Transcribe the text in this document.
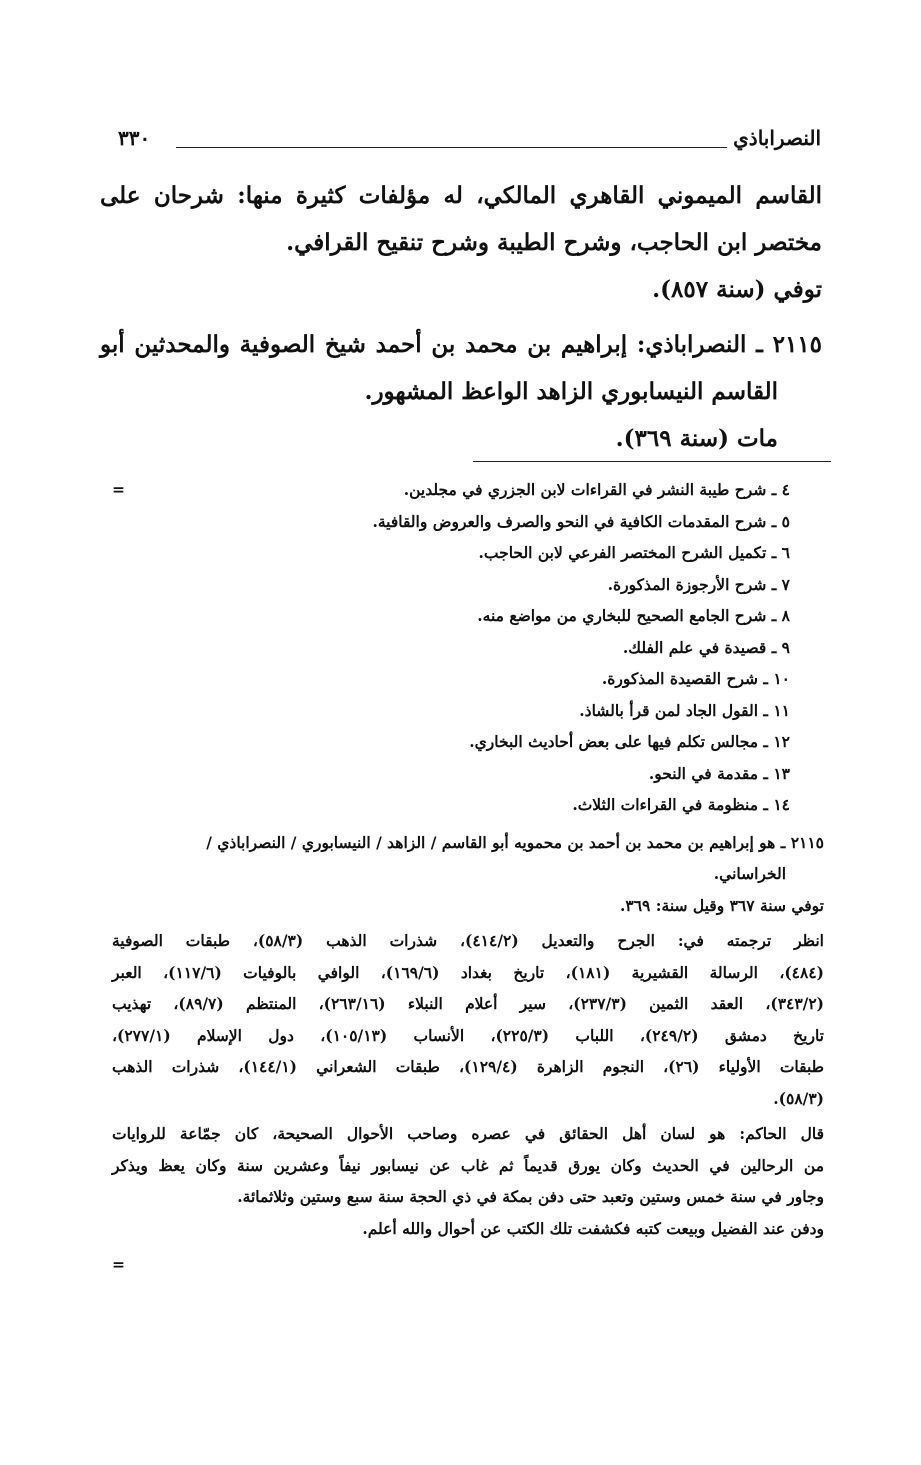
النصراباذي
٣٣٠

القاسم الميموني القاهري المالكي، له مؤلفات كثيرة منها: شرحان على

مختصر ابن الحاجب، وشرح الطيبة وشرح تنقيح القرافي.

توفي (سنة ٨٥٧).

٢١١٥ ـ النصراباذي: إبراهيم بن محمد بن أحمد شيخ الصوفية والمحدثين أبو

القاسم النيسابوري الزاهد الواعظ المشهور.

مات (سنة ٣٦٩).

=	٤ ـ شرح طيبة النشر في القراءات لابن الجزري في مجلدين.

٥ ـ شرح المقدمات الكافية في النحو والصرف والعروض والقافية.

٦ ـ تكميل الشرح المختصر الفرعي لابن الحاجب.

٧ ـ شرح الأرجوزة المذكورة.

٨ ـ شرح الجامع الصحيح للبخاري من مواضع منه.

٩ ـ قصيدة في علم الفلك.

١٠ ـ شرح القصيدة المذكورة.

١١ ـ القول الجاد لمن قرأ بالشاذ.

١٢ ـ مجالس تكلم فيها على بعض أحاديث البخاري.

١٣ ـ مقدمة في النحو.

١٤ ـ منظومة في القراءات الثلاث.

٢١١٥ ـ هو إبراهيم بن محمد بن أحمد بن محمويه أبو القاسم / الزاهد / النيسابوري / النصراباذي /

الخراساني.

توفي سنة ٣٦٧ وقيل سنة: ٣٦٩.

انظر ترجمته في: الجرح والتعديل (٤١٤/٢)، شذرات الذهب (٥٨/٣)، طبقات الصوفية

(٤٨٤)، الرسالة القشيرية (١٨١)، تاريخ بغداد (١٦٩/٦)، الوافي بالوفيات (١١٧/٦)، العبر

(٣٤٣/٢)، العقد الثمين (٢٣٧/٣)، سير أعلام النبلاء (٢٦٣/١٦)، المنتظم (٨٩/٧)، تهذيب

تاريخ دمشق (٢٤٩/٢)، اللباب (٢٢٥/٣)، الأنساب (١٠٥/١٣)، دول الإسلام (٢٧٧/١)،

طبقات الأولياء (٢٦)، النجوم الزاهرة (١٢٩/٤)، طبقات الشعراني (١٤٤/١)، شذرات الذهب

(٥٨/٣).

قال الحاكم: هو لسان أهل الحقائق في عصره وصاحب الأحوال الصحيحة، كان جمّاعة للروايات

من الرحالين في الحديث وكان يورق قديماً ثم غاب عن نيسابور نيفاً وعشرين سنة وكان يعظ ويذكر

وجاور في سنة خمس وستين وتعبد حتى دفن بمكة في ذي الحجة سنة سبع وستين وثلاثمائة.

ودفن عند الفضيل وبيعت كتبه فكشفت تلك الكتب عن أحوال والله أعلم.

=
